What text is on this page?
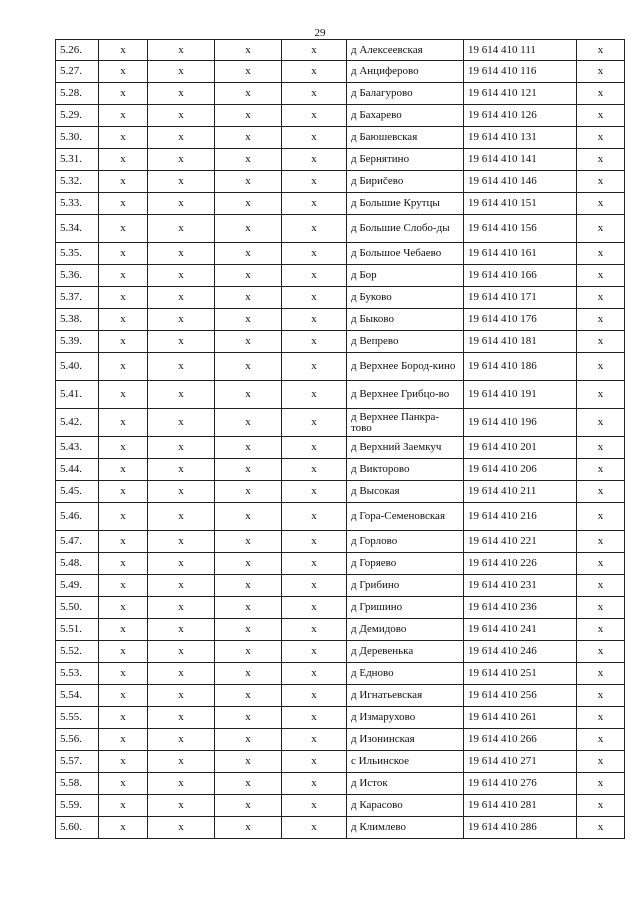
29
5.26.	x	x	x	x	д Алексеевская	19 614 410 111	x
5.27.	x	x	x	x	д Анциферово	19 614 410 116	x
5.28.	x	x	x	x	д Балагурово	19 614 410 121	x
5.29.	x	x	x	x	д Бахарево	19 614 410 126	x
5.30.	x	x	x	x	д Баюшевская	19 614 410 131	x
5.31.	x	x	x	x	д Бернятино	19 614 410 141	x
5.32.	x	x	x	x	д Бириčево	19 614 410 146	x
5.33.	x	x	x	x	д Большие Крутцы	19 614 410 151	x
5.34.	x	x	x	x	д Большие Слобо-ды	19 614 410 156	x
5.35.	x	x	x	x	д Большое Чебаево	19 614 410 161	x
5.36.	x	x	x	x	д Бор	19 614 410 166	x
5.37.	x	x	x	x	д Буково	19 614 410 171	x
5.38.	x	x	x	x	д Быково	19 614 410 176	x
5.39.	x	x	x	x	д Вепрево	19 614 410 181	x
5.40.	x	x	x	x	д Верхнее Бород-кино	19 614 410 186	x
5.41.	x	x	x	x	д Верхнее Грибцо-во	19 614 410 191	x
5.42.	x	x	x	x	д Верхнее Панкра-тово	19 614 410 196	x
5.43.	x	x	x	x	д Верхний Заемкуч	19 614 410 201	x
5.44.	x	x	x	x	д Викторово	19 614 410 206	x
5.45.	x	x	x	x	д Высокая	19 614 410 211	x
5.46.	x	x	x	x	д Гора-Семеновская	19 614 410 216	x
5.47.	x	x	x	x	д Горлово	19 614 410 221	x
5.48.	x	x	x	x	д Горяево	19 614 410 226	x
5.49.	x	x	x	x	д Грибино	19 614 410 231	x
5.50.	x	x	x	x	д Гришино	19 614 410 236	x
5.51.	x	x	x	x	д Демидово	19 614 410 241	x
5.52.	x	x	x	x	д Деревенька	19 614 410 246	x
5.53.	x	x	x	x	д Едново	19 614 410 251	x
5.54.	x	x	x	x	д Игнатьевская	19 614 410 256	x
5.55.	x	x	x	x	д Измарухово	19 614 410 261	x
5.56.	x	x	x	x	д Изонинская	19 614 410 266	x
5.57.	x	x	x	x	с Ильинское	19 614 410 271	x
5.58.	x	x	x	x	д Исток	19 614 410 276	x
5.59.	x	x	x	x	д Карасово	19 614 410 281	x
5.60.	x	x	x	x	д Климлево	19 614 410 286	x
